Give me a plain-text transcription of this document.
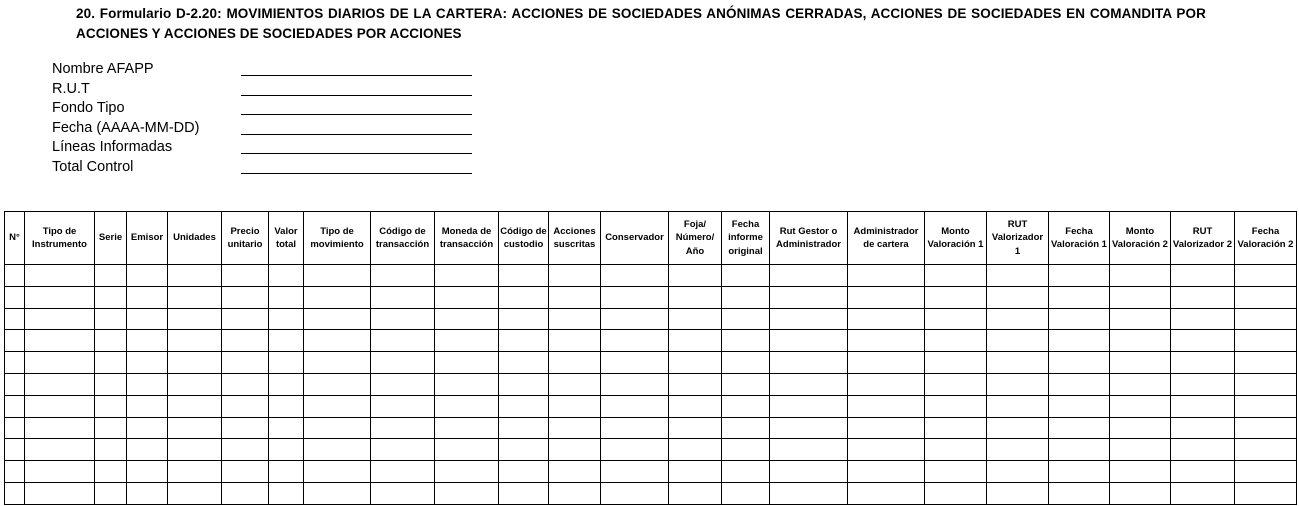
20. Formulario D-2.20: MOVIMIENTOS DIARIOS DE LA CARTERA: ACCIONES DE SOCIEDADES ANÓNIMAS CERRADAS, ACCIONES DE SOCIEDADES EN COMANDITA POR ACCIONES Y ACCIONES DE SOCIEDADES POR ACCIONES
Nombre AFAPP
R.U.T
Fondo Tipo
Fecha (AAAA-MM-DD)
Líneas Informadas
Total Control
N°	Tipo de Instrumento	Serie	Emisor	Unidades	Precio unitario	Valor total	Tipo de movimiento	Código de transacción	Moneda de transacción	Código de custodio	Acciones suscritas	Conservador	Foja/ Número/ Año	Fecha informe original	Rut Gestor o Administrador	Administrador de cartera	Monto Valoración 1	RUT Valorizador 1	Fecha Valoración 1	Monto Valoración 2	RUT Valorizador 2	Fecha Valoración 2
